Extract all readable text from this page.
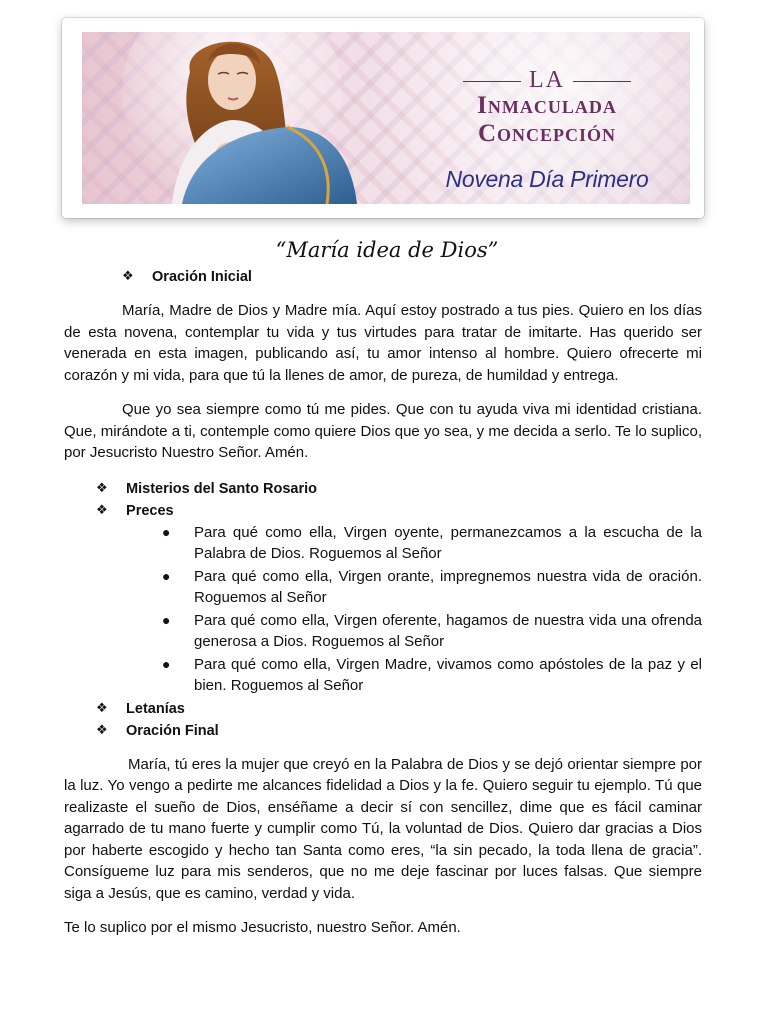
LA
Inmaculada
Concepción
Novena Día Primero
“María idea de Dios”
❖ Oración Inicial

María, Madre de Dios y Madre mía. Aquí estoy postrado a tus pies. Quiero en los días de esta novena, contemplar tu vida y tus virtudes para tratar de imitarte. Has querido ser venerada en esta imagen, publicando así, tu amor intenso al hombre. Quiero ofrecerte mi corazón y mi vida, para que tú la llenes de amor, de pureza, de humildad y entrega.

Que yo sea siempre como tú me pides. Que con tu ayuda viva mi identidad cristiana. Que, mirándote a ti, contemple como quiere Dios que yo sea, y me decida a serlo. Te lo suplico, por Jesucristo Nuestro Señor. Amén.

❖ Misterios del Santo Rosario
❖ Preces
● Para qué como ella, Virgen oyente, permanezcamos a la escucha de la Palabra de Dios. Roguemos al Señor
● Para qué como ella, Virgen orante, impregnemos nuestra vida de oración. Roguemos al Señor
● Para qué como ella, Virgen oferente, hagamos de nuestra vida una ofrenda generosa a Dios. Roguemos al Señor
● Para qué como ella, Virgen Madre, vivamos como apóstoles de la paz y el bien. Roguemos al Señor
❖ Letanías
❖ Oración Final

María, tú eres la mujer que creyó en la Palabra de Dios y se dejó orientar siempre por la luz. Yo vengo a pedirte me alcances fidelidad a Dios y la fe. Quiero seguir tu ejemplo. Tú que realizaste el sueño de Dios, enséñame a decir sí con sencillez, dime que es fácil caminar agarrado de tu mano fuerte y cumplir como Tú, la voluntad de Dios. Quiero dar gracias a Dios por haberte escogido y hecho tan Santa como eres, “la sin pecado, la toda llena de gracia”. Consígueme luz para mis senderos, que no me deje fascinar por luces falsas. Que siempre siga a Jesús, que es camino, verdad y vida.

Te lo suplico por el mismo Jesucristo, nuestro Señor. Amén.
